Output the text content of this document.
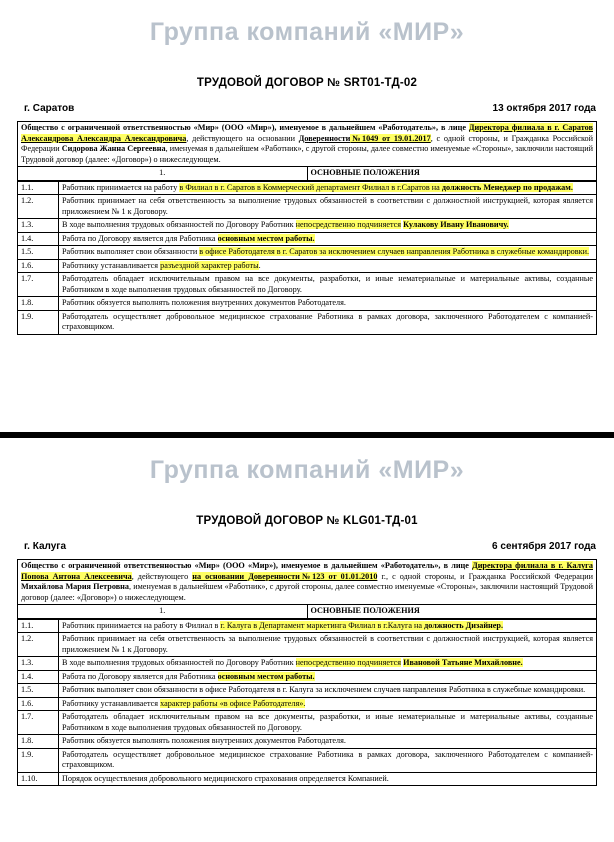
Группа компаний «МИР»
ТРУДОВОЙ ДОГОВОР № SRT01-ТД-02
г. Саратов	13 октября 2017 года
Общество с ограниченной ответственностью «Мир» (ООО «Мир»), именуемое в дальнейшем «Работодатель», в лице Директора филиала в г. Саратов Александрова Александра Александровича, действующего на основании Доверенности№1049 от 19.01.2017, с одной стороны, и Гражданка Российской Федерации Сидорова Жанна Сергеевна, именуемая в дальнейшем «Работник», с другой стороны, далее совместно именуемые «Стороны», заключили настоящий Трудовой договор (далее: «Договор») о нижеследующем.
1.	ОСНОВНЫЕ ПОЛОЖЕНИЯ
1.1.	Работник принимается на работу в Филиал в г. Саратов в Коммерческий департамент Филиал в г.Саратов на должность Менеджер по продажам.
1.2.	Работник принимает на себя ответственность за выполнение трудовых обязанностей в соответствии с должностной инструкцией, которая является приложением № 1 к Договору.
1.3.	В ходе выполнения трудовых обязанностей по Договору Работник непосредственно подчиняется Кулакову Ивану Ивановичу.
1.4.	Работа по Договору является для Работника основным местом работы.
1.5.	Работник выполняет свои обязанности в офисе Работодателя в г. Саратов за исключением случаев направления Работника в служебные командировки.
1.6.	Работнику устанавливается разъездной характер работы.
1.7.	Работодатель обладает исключительным правом на все документы, разработки, и иные нематериальные и материальные активы, созданные Работником в ходе выполнения трудовых обязанностей по Договору.
1.8.	Работник обязуется выполнять положения внутренних документов Работодателя.
1.9.	Работодатель осуществляет добровольное медицинское страхование Работника в рамках договора, заключенного Работодателем с компанией-страховщиком.
Группа компаний «МИР»
ТРУДОВОЙ ДОГОВОР № KLG01-ТД-01
г. Калуга	6 сентября 2017 года
Общество с ограниченной ответственностью «Мир» (ООО «Мир»), именуемое в дальнейшем «Работодатель», в лице Директора филиала в г. Калуга Попова Антона Алексеевича, действующего на основании Доверенности№123 от 01.01.2010 г., с одной стороны, и Гражданка Российской Федерации Михайлова Мария Петровна, именуемая в дальнейшем «Работник», с другой стороны, далее совместно именуемые «Стороны», заключили настоящий Трудовой договор (далее: «Договор») о нижеследующем.
1.	ОСНОВНЫЕ ПОЛОЖЕНИЯ
1.1.	Работник принимается на работу в Филиал в г. Калуга в Департамент маркетинга Филиал в г.Калуга на должность Дизайнер.
1.2.	Работник принимает на себя ответственность за выполнение трудовых обязанностей в соответствии с должностной инструкцией, которая является приложением № 1 к Договору.
1.3.	В ходе выполнения трудовых обязанностей по Договору Работник непосредственно подчиняется Ивановой Татьяне Михайловне.
1.4.	Работа по Договору является для Работника основным местом работы.
1.5.	Работник выполняет свои обязанности в офисе Работодателя в г. Калуга за исключением случаев направления Работника в служебные командировки.
1.6.	Работнику устанавливается характер работы «в офисе Работодателя».
1.7.	Работодатель обладает исключительным правом на все документы, разработки, и иные нематериальные и материальные активы, созданные Работником в ходе выполнения трудовых обязанностей по Договору.
1.8.	Работник обязуется выполнять положения внутренних документов Работодателя.
1.9.	Работодатель осуществляет добровольное медицинское страхование Работника в рамках договора, заключенного Работодателем с компанией-страховщиком.
1.10.	Порядок осуществления добровольного медицинского страхования определяется Компанией.
